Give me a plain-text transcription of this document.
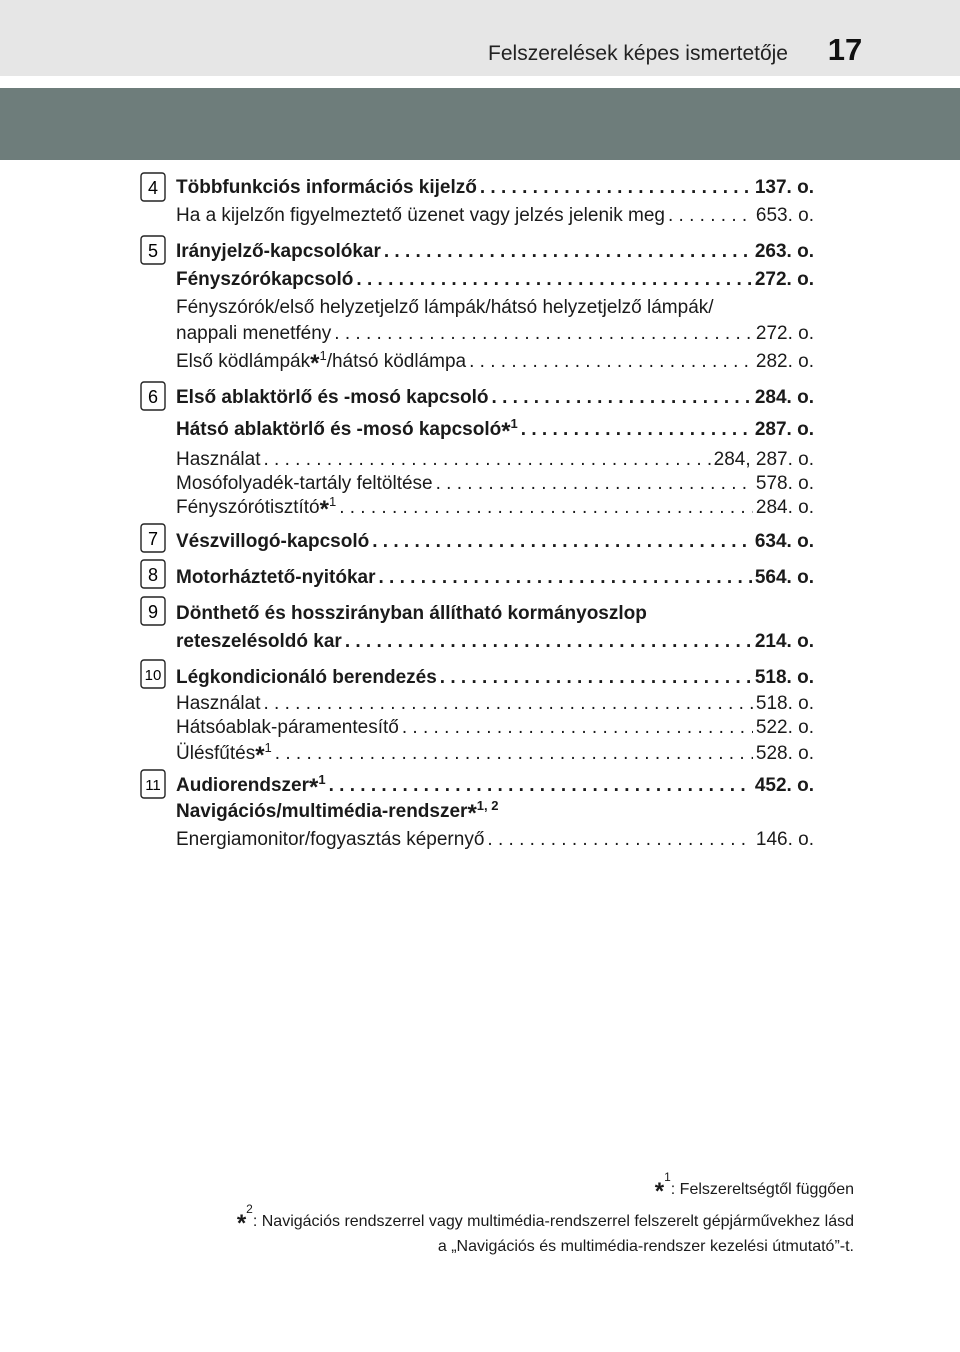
Felszerelések képes ismertetője	17
4 Többfunkciós információs kijelző . . .	137. o.
Ha a kijelzőn figyelmeztető üzenet vagy jelzés jelenik meg . . .	653. o.
5 Irányjelző-kapcsolókar . . .	263. o.
Fényszórókapcsoló . . .	272. o.
Fényszórók/első helyzetjelző lámpák/hátsó helyzetjelző lámpák/
nappali menetfény . . .	272. o.
Első ködlámpák*$^1$/hátsó ködlámpa . . .	282. o.
6 Első ablaktörlő és -mosó kapcsoló . . .	284. o.
Hátsó ablaktörlő és -mosó kapcsoló*$^1$ . . .	287. o.
Használat . . .	284, 287. o.
Mosófolyadék-tartály feltöltése . . .	578. o.
Fényszórótisztító*$^1$ . . .	284. o.
7 Vészvillogó-kapcsoló . . .	634. o.
8 Motorháztető-nyitókar . . .	564. o.
9 Dönthető és hosszirányban állítható kormányoszlop
reteszelésoldó kar . . .	214. o.
10 Légkondicionáló berendezés . . .	518. o.
Használat . . .	518. o.
Hátsóablak-páramentesítő . . .	522. o.
Ülésfűtés*$^1$ . . .	528. o.
11 Audiorendszer*$^1$ . . .	452. o.
Navigációs/multimédia-rendszer*$^{1, 2}$
Energiamonitor/fogyasztás képernyő . . .	146. o.
*$^1$: Felszereltségtől függően
*$^2$: Navigációs rendszerrel vagy multimédia-rendszerrel felszerelt gépjárművekhez lásd
a „Navigációs és multimédia-rendszer kezelési útmutató”-t.
